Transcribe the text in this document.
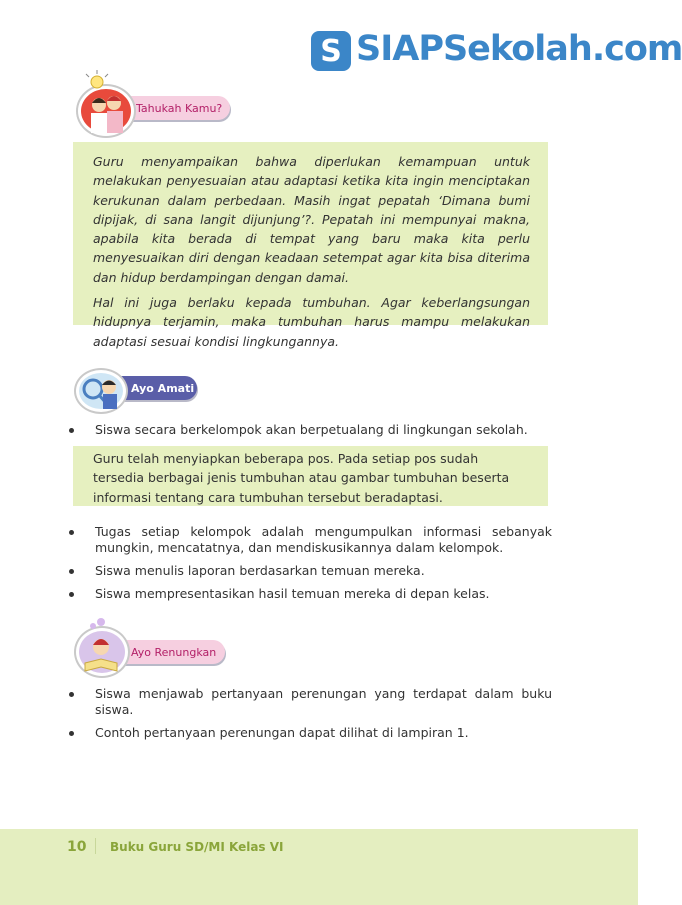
S SIAPSekolah.com
Tahukah Kamu?

Guru menyampaikan bahwa diperlukan kemampuan untuk melakukan penyesuaian atau adaptasi ketika kita ingin menciptakan kerukunan dalam perbedaan. Masih ingat pepatah ‘Dimana bumi dipijak, di sana langit dijunjung’?. Pepatah ini mempunyai makna, apabila kita berada di tempat yang baru maka kita perlu menyesuaikan diri dengan keadaan setempat agar kita bisa diterima dan hidup berdampingan dengan damai.

Hal ini juga berlaku kepada tumbuhan. Agar keberlangsungan hidupnya terjamin, maka tumbuhan harus mampu melakukan adaptasi sesuai kondisi lingkungannya.

Ayo Amati
Siswa secara berkelompok akan berpetualang di lingkungan sekolah.

Guru telah menyiapkan beberapa pos. Pada setiap pos sudah tersedia berbagai jenis tumbuhan atau gambar tumbuhan beserta informasi tentang cara tumbuhan tersebut beradaptasi.

Tugas setiap kelompok adalah mengumpulkan informasi sebanyak mungkin, mencatatnya, dan mendiskusikannya dalam kelompok.
Siswa menulis laporan berdasarkan temuan mereka.
Siswa mempresentasikan hasil temuan mereka di depan kelas.
Ayo Renungkan
Siswa menjawab pertanyaan perenungan yang terdapat dalam buku siswa.
Contoh pertanyaan perenungan dapat dilihat di lampiran 1.
10 Buku Guru SD/MI Kelas VI
